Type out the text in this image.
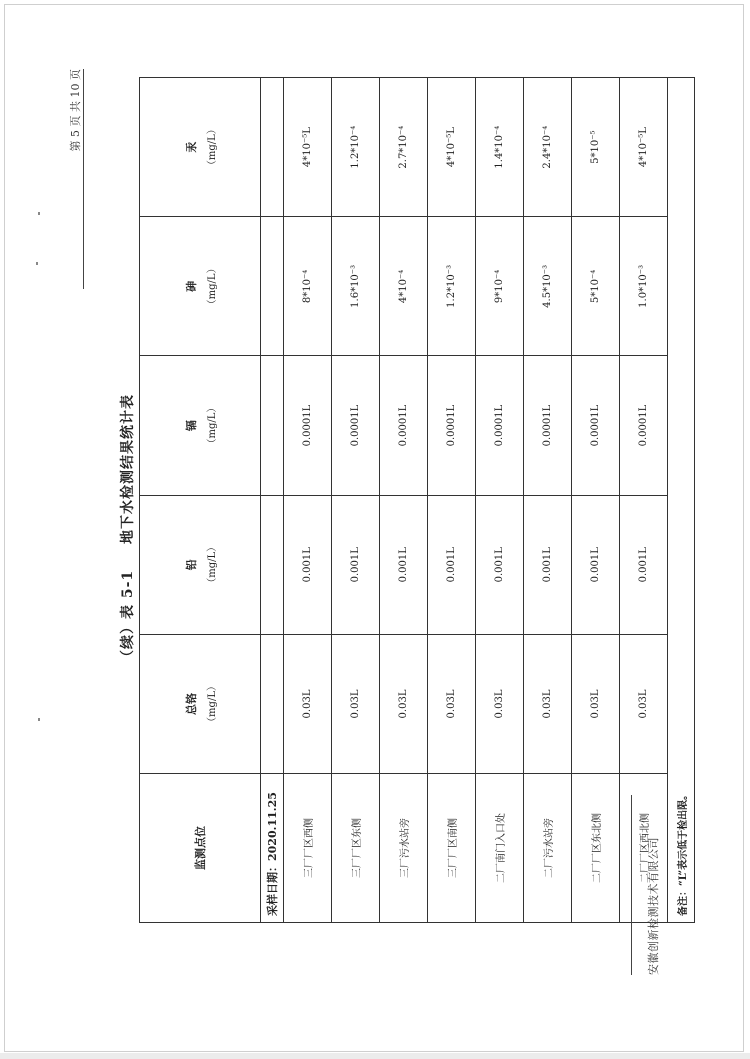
第 5 页 共 10 页
（续）表 5-1 地下水检测结果统计表
监测点位	总铬 （mg/L）	铅 （mg/L）	镉 （mg/L）	砷 （mg/L）	汞 （mg/L）

采样日期：2020.11.25					
三厂厂区西侧	0.03L	0.001L	0.0001L	8*10⁻⁴	4*10⁻⁵L
三厂厂区东侧	0.03L	0.001L	0.0001L	1.6*10⁻³	1.2*10⁻⁴
三厂污水站旁	0.03L	0.001L	0.0001L	4*10⁻⁴	2.7*10⁻⁴
三厂厂区南侧	0.03L	0.001L	0.0001L	1.2*10⁻³	4*10⁻⁵L
二厂南门入口处	0.03L	0.001L	0.0001L	9*10⁻⁴	1.4*10⁻⁴
二厂污水站旁	0.03L	0.001L	0.0001L	4.5*10⁻³	2.4*10⁻⁴
二厂厂区东北侧	0.03L	0.001L	0.0001L	5*10⁻⁴	5*10⁻⁵
二厂厂区西北侧	0.03L	0.001L	0.0001L	1.0*10⁻³	4*10⁻⁵L
备注：“L”表示低于检出限。					
安徽创新检测技术有限公司
